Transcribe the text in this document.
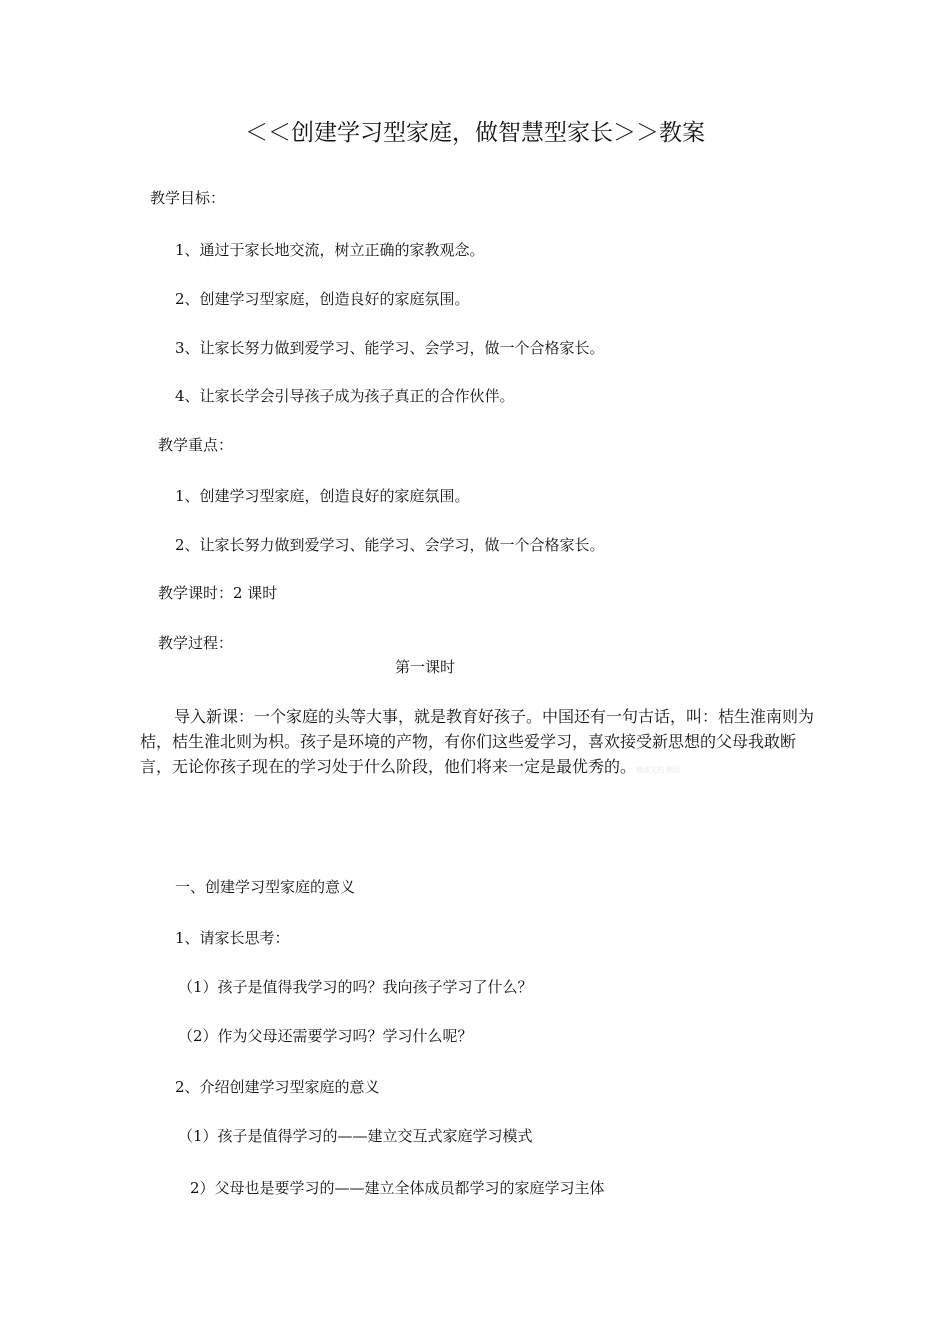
＜＜创建学习型家庭，做智慧型家长＞＞教案
教学目标：
1、通过于家长地交流，树立正确的家教观念。
2、创建学习型家庭，创造良好的家庭氛围。
3、让家长努力做到爱学习、能学习、会学习，做一个合格家长。
4、让家长学会引导孩子成为孩子真正的合作伙伴。
教学重点：
1、创建学习型家庭，创造良好的家庭氛围。
2、让家长努力做到爱学习、能学习、会学习，做一个合格家长。
教学课时：2 课时
教学过程：
第一课时
导入新课：一个家庭的头等大事，就是教育好孩子。中国还有一句古话，叫：桔生淮南则为桔，桔生淮北则为枳。孩子是环境的产物，有你们这些爱学习，喜欢接受新思想的父母我敢断言，无论你孩子现在的学习处于什么阶段，他们将来一定是最优秀的。精品文档 精品
一、创建学习型家庭的意义
1、请家长思考：
（1）孩子是值得我学习的吗？我向孩子学习了什么？
（2）作为父母还需要学习吗？学习什么呢？
2、介绍创建学习型家庭的意义
（1）孩子是值得学习的——建立交互式家庭学习模式
2）父母也是要学习的——建立全体成员都学习的家庭学习主体
